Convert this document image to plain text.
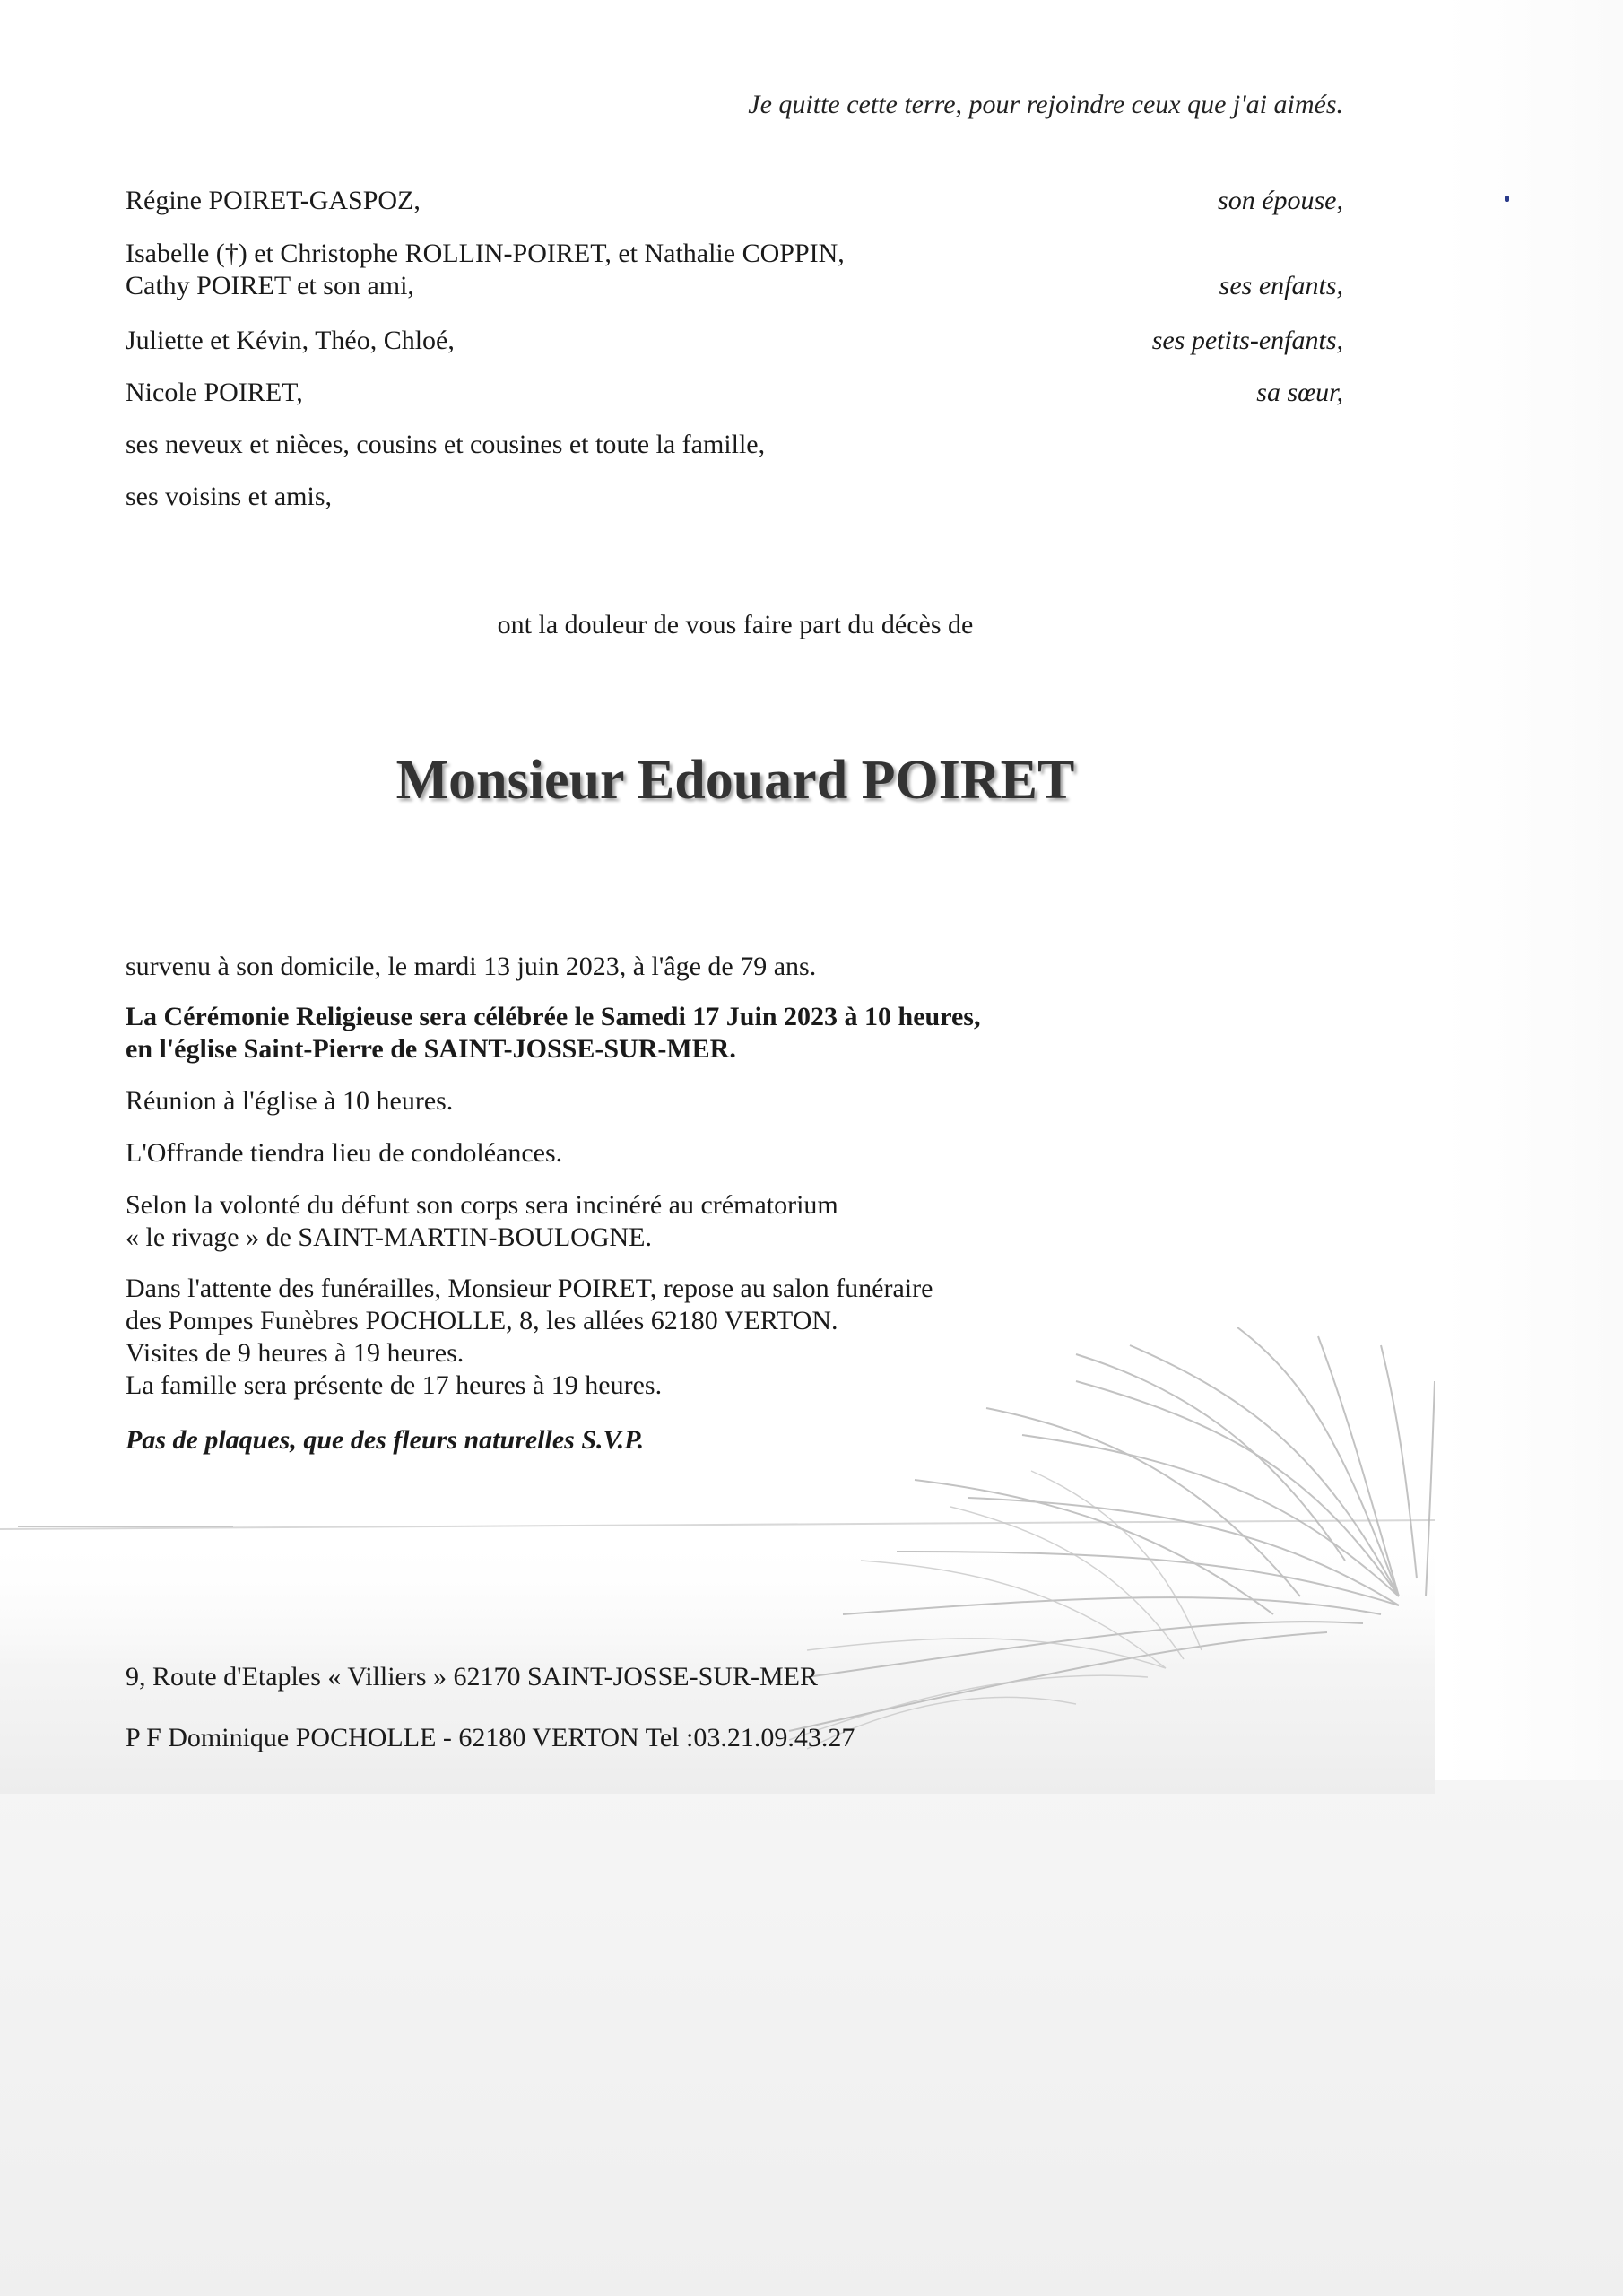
Je quitte cette terre, pour rejoindre ceux que j'ai aimés.
Régine POIRET-GASPOZ,	son épouse,
Isabelle (†) et Christophe ROLLIN-POIRET, et Nathalie COPPIN,
Cathy POIRET et son ami,	ses enfants,
Juliette et Kévin, Théo, Chloé,	ses petits-enfants,
Nicole POIRET,	sa sœur,
ses neveux et nièces, cousins et cousines et toute la famille,
ses voisins et amis,
ont la douleur de vous faire part du décès de
Monsieur Edouard POIRET
survenu à son domicile, le mardi 13 juin 2023, à l'âge de 79 ans.
La Cérémonie Religieuse sera célébrée le Samedi 17 Juin 2023 à 10 heures,
en l'église Saint-Pierre de SAINT-JOSSE-SUR-MER.
Réunion à l'église à 10 heures.
L'Offrande tiendra lieu de condoléances.
Selon la volonté du défunt son corps sera incinéré au crématorium
« le rivage » de SAINT-MARTIN-BOULOGNE.
Dans l'attente des funérailles, Monsieur POIRET, repose au salon funéraire
des Pompes Funèbres POCHOLLE, 8, les allées 62180 VERTON.
Visites de 9 heures à 19 heures.
La famille sera présente de 17 heures à 19 heures.
Pas de plaques, que des fleurs naturelles S.V.P.
9, Route d'Etaples « Villiers » 62170 SAINT-JOSSE-SUR-MER
P F Dominique POCHOLLE - 62180 VERTON Tel :03.21.09.43.27
